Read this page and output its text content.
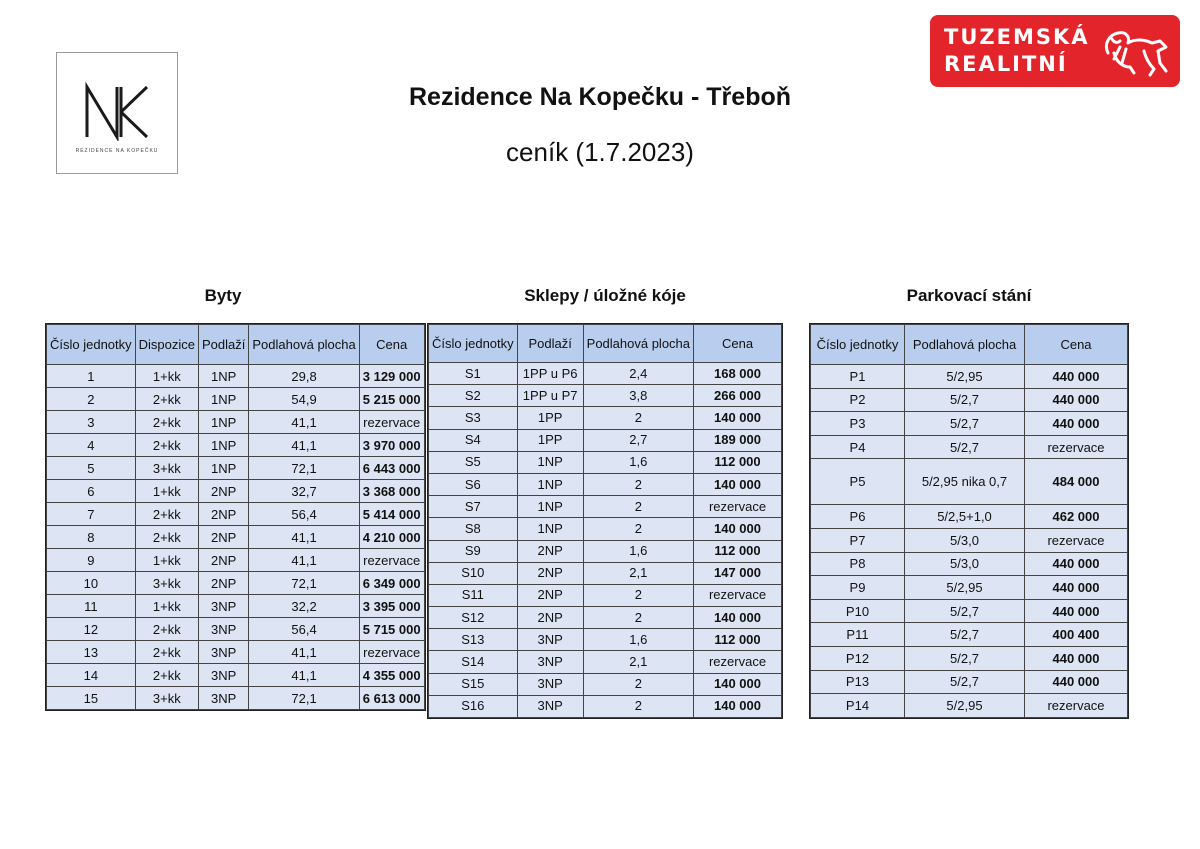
REZIDENCE NA KOPEČKU
TUZEMSKÁ
REALITNÍ
Rezidence Na Kopečku - Třeboň
ceník (1.7.2023)
Byty	Sklepy / úložné kóje	Parkovací stání
Číslo jednotky	Dispozice	Podlaží	Podlahová plocha	Cena
1	1+kk	1NP	29,8	3 129 000
2	2+kk	1NP	54,9	5 215 000
3	2+kk	1NP	41,1	rezervace
4	2+kk	1NP	41,1	3 970 000
5	3+kk	1NP	72,1	6 443 000
6	1+kk	2NP	32,7	3 368 000
7	2+kk	2NP	56,4	5 414 000
8	2+kk	2NP	41,1	4 210 000
9	1+kk	2NP	41,1	rezervace
10	3+kk	2NP	72,1	6 349 000
11	1+kk	3NP	32,2	3 395 000
12	2+kk	3NP	56,4	5 715 000
13	2+kk	3NP	41,1	rezervace
14	2+kk	3NP	41,1	4 355 000
15	3+kk	3NP	72,1	6 613 000
Číslo jednotky	Podlaží	Podlahová plocha	Cena
S1	1PP u P6	2,4	168 000
S2	1PP u P7	3,8	266 000
S3	1PP	2	140 000
S4	1PP	2,7	189 000
S5	1NP	1,6	112 000
S6	1NP	2	140 000
S7	1NP	2	rezervace
S8	1NP	2	140 000
S9	2NP	1,6	112 000
S10	2NP	2,1	147 000
S11	2NP	2	rezervace
S12	2NP	2	140 000
S13	3NP	1,6	112 000
S14	3NP	2,1	rezervace
S15	3NP	2	140 000
S16	3NP	2	140 000
Číslo jednotky	Podlahová plocha	Cena
P1	5/2,95	440 000
P2	5/2,7	440 000
P3	5/2,7	440 000
P4	5/2,7	rezervace
P5	5/2,95 nika 0,7	484 000
P6	5/2,5+1,0	462 000
P7	5/3,0	rezervace
P8	5/3,0	440 000
P9	5/2,95	440 000
P10	5/2,7	440 000
P11	5/2,7	400 400
P12	5/2,7	440 000
P13	5/2,7	440 000
P14	5/2,95	rezervace
